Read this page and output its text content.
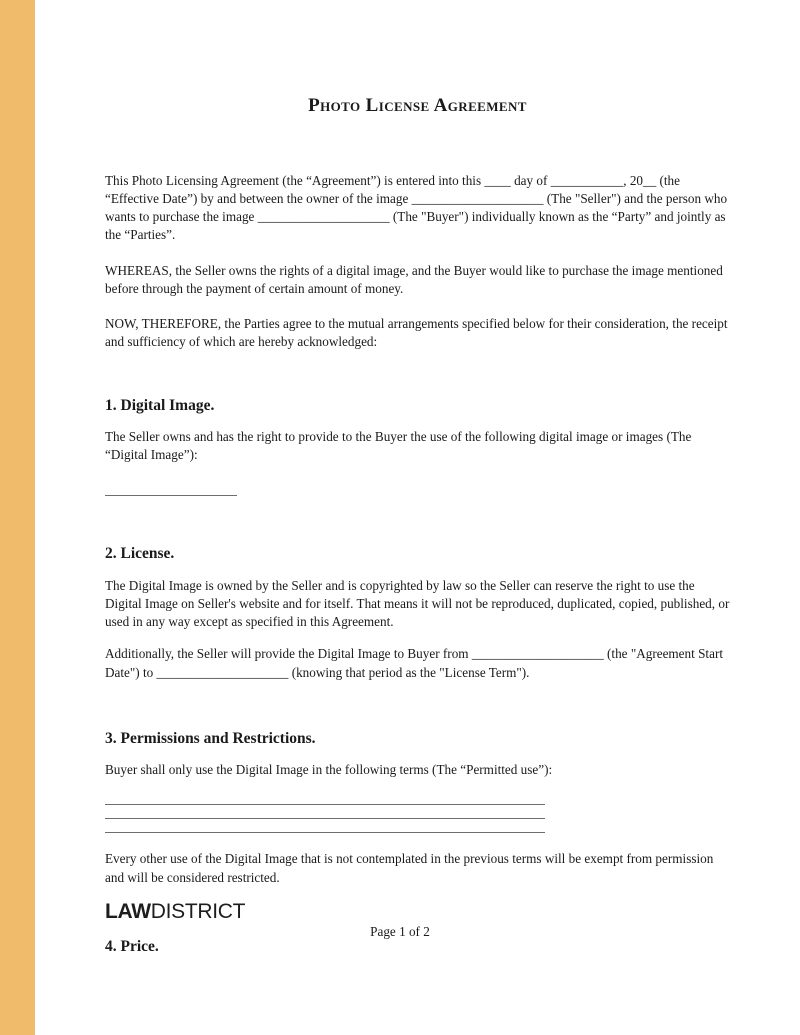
Photo License Agreement

This Photo Licensing Agreement (the “Agreement”) is entered into this ____ day of ___________, 20__ (the “Effective Date”) by and between the owner of the image ____________________ (The "Seller") and the person who wants to purchase the image ____________________ (The "Buyer") individually known as the “Party” and jointly as the “Parties”.

WHEREAS, the Seller owns the rights of a digital image, and the Buyer would like to purchase the image mentioned before through the payment of certain amount of money.

NOW, THEREFORE, the Parties agree to the mutual arrangements specified below for their consideration, the receipt and sufficiency of which are hereby acknowledged:

1. Digital Image.

The Seller owns and has the right to provide to the Buyer the use of the following digital image or images (The “Digital Image”):

2. License.

The Digital Image is owned by the Seller and is copyrighted by law so the Seller can reserve the right to use the Digital Image on Seller's website and for itself. That means it will not be reproduced, duplicated, copied, published, or used in any way except as specified in this Agreement.

Additionally, the Seller will provide the Digital Image to Buyer from ____________________ (the "Agreement Start Date") to ____________________ (knowing that period as the "License Term").

3. Permissions and Restrictions.

Buyer shall only use the Digital Image in the following terms (The “Permitted use”):

Every other use of the Digital Image that is not contemplated in the previous terms will be exempt from permission and will be considered restricted.

4. Price.
LAWDISTRICT
Page 1 of 2
